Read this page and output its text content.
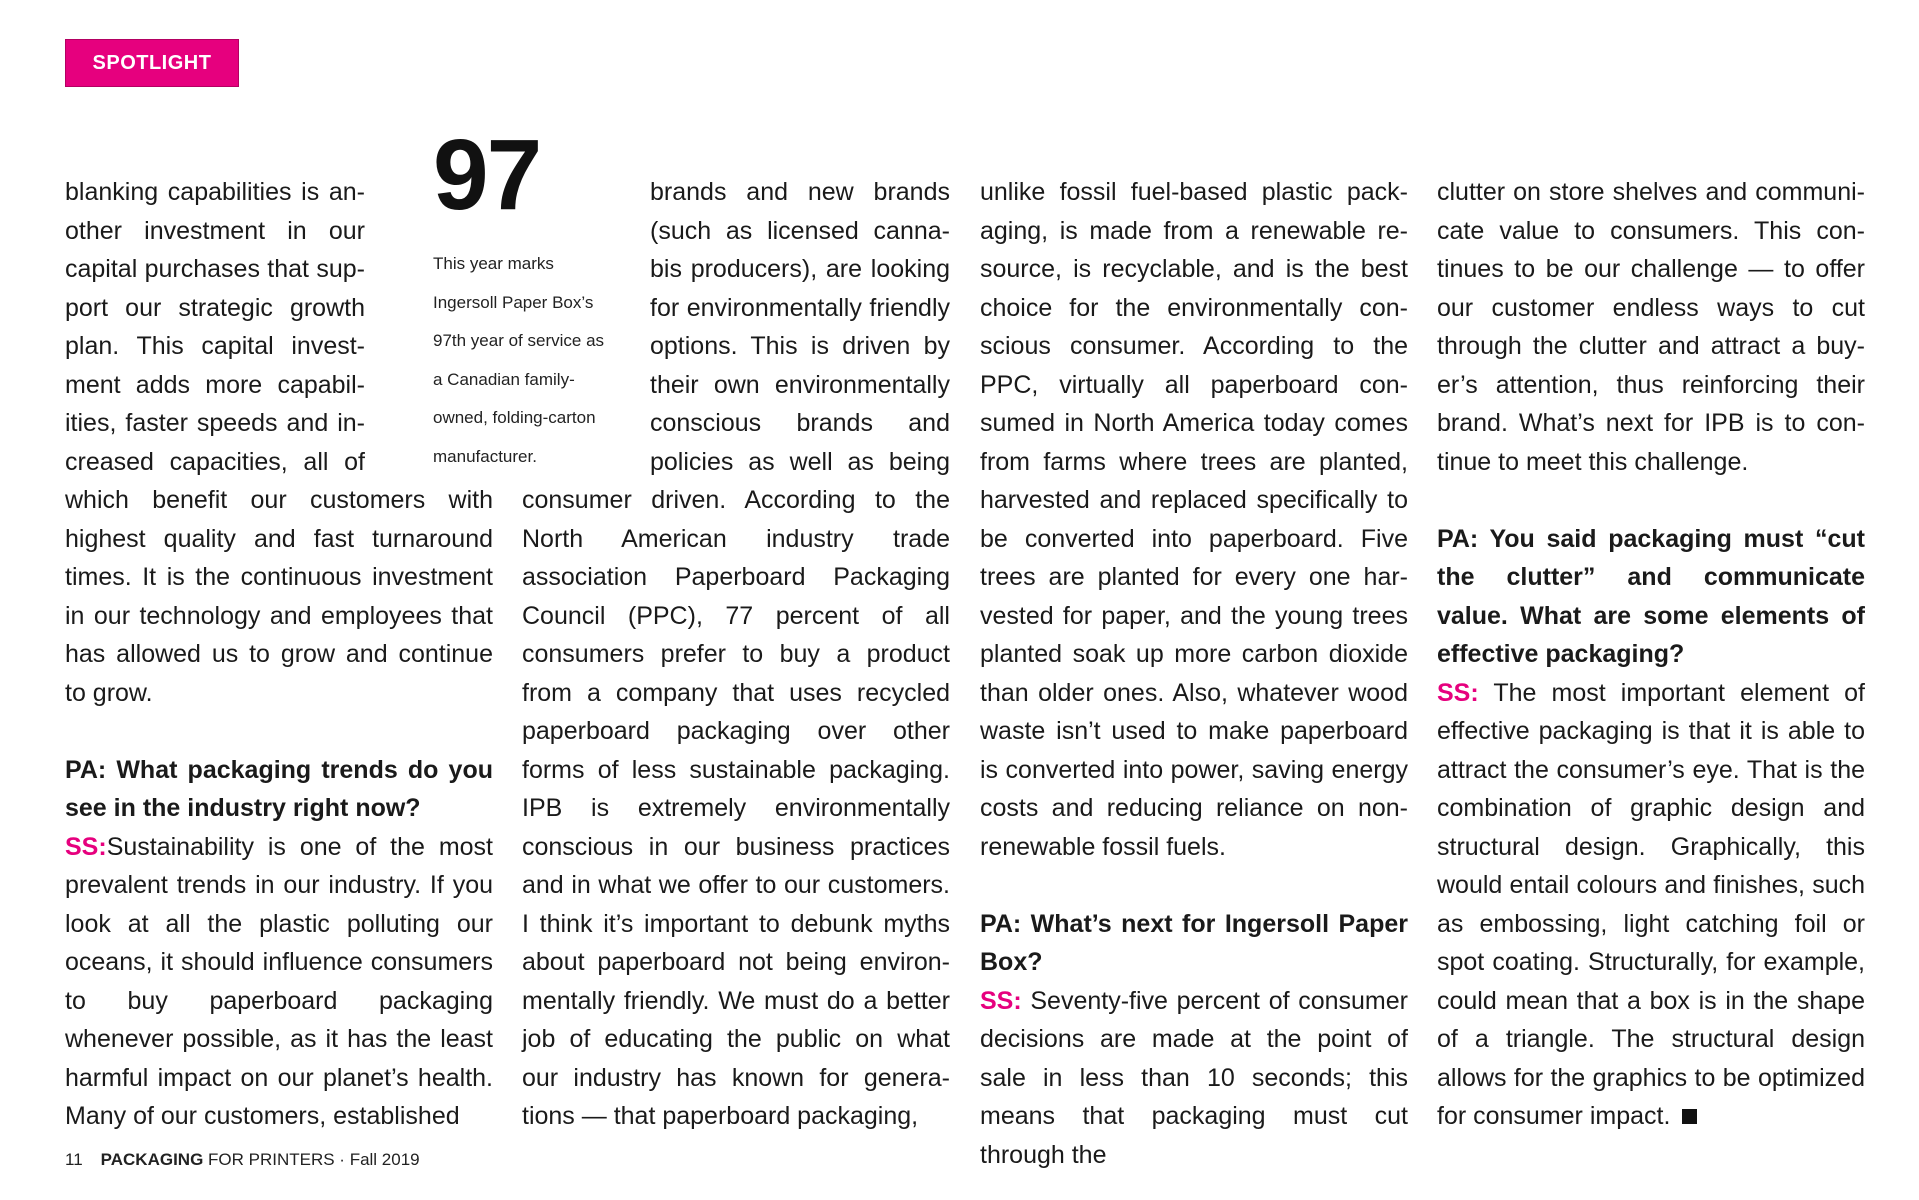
SPOTLIGHT
97
This year marks Ingersoll Paper Box’s 97th year of service as a Canadian family-owned, folding-carton manufacturer.

blanking capabilities is another investment in our capital purchases that support our strategic growth plan. This capital investment adds more capabilities, faster speeds and increased capacities, all of which benefit our customers with highest quality and fast turnaround times. It is the continuous investment in our technology and employees that has allowed us to grow and continue to grow.

PA: What packaging trends do you see in the industry right now?

SS:Sustainability is one of the most prevalent trends in our industry. If you look at all the plastic polluting our oceans, it should influence consumers to buy paperboard packaging whenever possible, as it has the least harmful impact on our planet’s health. Many of our customers, established

brands and new brands (such as licensed cannabis producers), are looking for environmentally friendly options. This is driven by their own environmentally conscious brands and policies as well as being consumer driven. According to the North American industry trade association Paperboard Packaging Council (PPC), 77 percent of all consumers prefer to buy a product from a company that uses recycled paperboard packaging over other forms of less sustainable packaging. IPB is extremely environmentally conscious in our business practices and in what we offer to our customers. I think it’s important to debunk myths about paperboard not being environmentally friendly. We must do a better job of educating the public on what our industry has known for generations — that paperboard packaging,

unlike fossil fuel-based plastic packaging, is made from a renewable resource, is recyclable, and is the best choice for the environmentally conscious consumer. According to the PPC, virtually all paperboard consumed in North America today comes from farms where trees are planted, harvested and replaced specifically to be converted into paperboard. Five trees are planted for every one harvested for paper, and the young trees planted soak up more carbon dioxide than older ones. Also, whatever wood waste isn’t used to make paperboard is converted into power, saving energy costs and reducing reliance on non-renewable fossil fuels.

PA: What’s next for Ingersoll Paper Box?

SS: Seventy-five percent of consumer decisions are made at the point of sale in less than 10 seconds; this means that packaging must cut through the

clutter on store shelves and communicate value to consumers. This continues to be our challenge — to offer our customer endless ways to cut through the clutter and attract a buyer’s attention, thus reinforcing their brand. What’s next for IPB is to continue to meet this challenge.

PA: You said packaging must “cut the clutter” and communicate value. What are some elements of effective packaging?

SS: The most important element of effective packaging is that it is able to attract the consumer’s eye. That is the combination of graphic design and structural design. Graphically, this would entail colours and finishes, such as embossing, light catching foil or spot coating. Structurally, for example, could mean that a box is in the shape of a triangle. The structural design allows for the graphics to be optimized for consumer impact.

11 PACKAGING FOR PRINTERS · Fall 2019
